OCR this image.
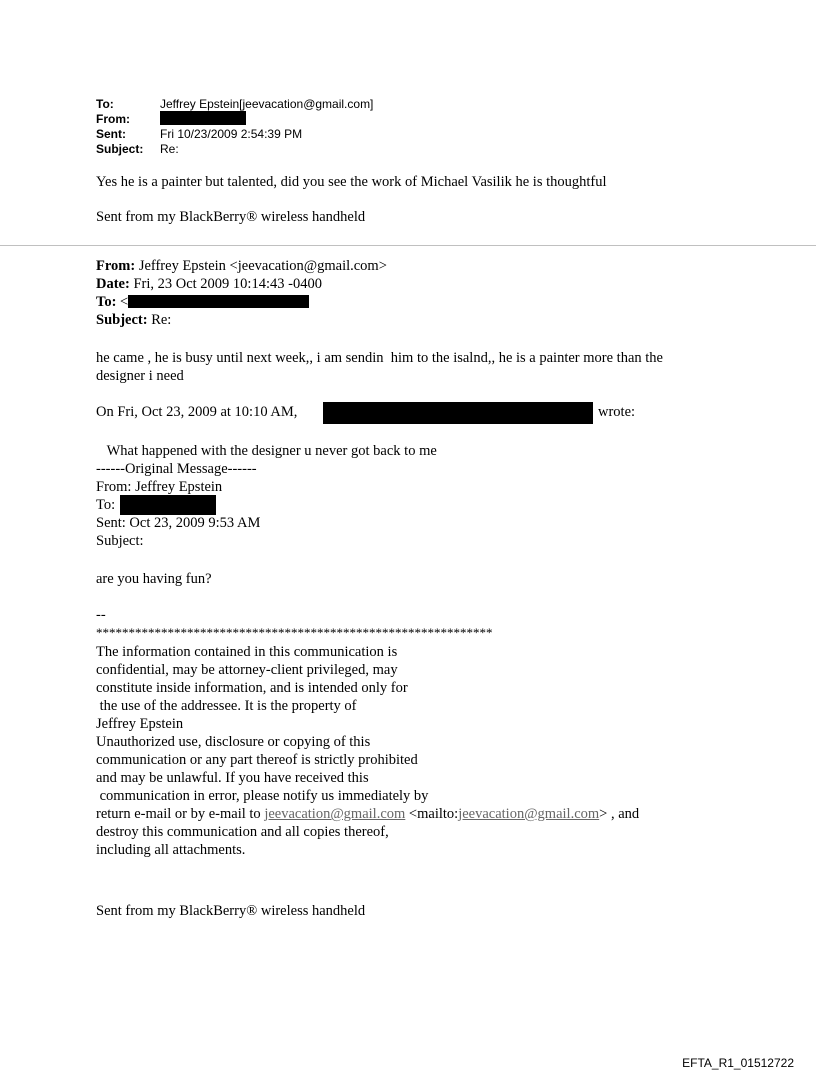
To:	Jeffrey Epstein[jeevacation@gmail.com]
From:
Sent:	Fri 10/23/2009 2:54:39 PM
Subject: Re:
Yes he is a painter but talented, did you see the work of Michael Vasilik he is thoughtful
Sent from my BlackBerry® wireless handheld
From: Jeffrey Epstein <jeevacation@gmail.com>
Date: Fri, 23 Oct 2009 10:14:43 -0400
To: <
Subject: Re:
he came , he is busy until next week,, i am sendin  him to the isalnd,, he is a painter more than the
designer i need
On Fri, Oct 23, 2009 at 10:10 AM,	wrote:
What happened with the designer u never got back to me
------Original Message------
From: Jeffrey Epstein
To:
Sent: Oct 23, 2009 9:53 AM
Subject:
are you having fun?
--
*************************************************************
The information contained in this communication is
confidential, may be attorney-client privileged, may
constitute inside information, and is intended only for
the use of the addressee. It is the property of
Jeffrey Epstein
Unauthorized use, disclosure or copying of this
communication or any part thereof is strictly prohibited
and may be unlawful. If you have received this
communication in error, please notify us immediately by
return e-mail or by e-mail to jeevacation@gmail.com <mailto:jeevacation@gmail.com> , and
destroy this communication and all copies thereof,
including all attachments.
Sent from my BlackBerry® wireless handheld
EFTA_R1_01512722
